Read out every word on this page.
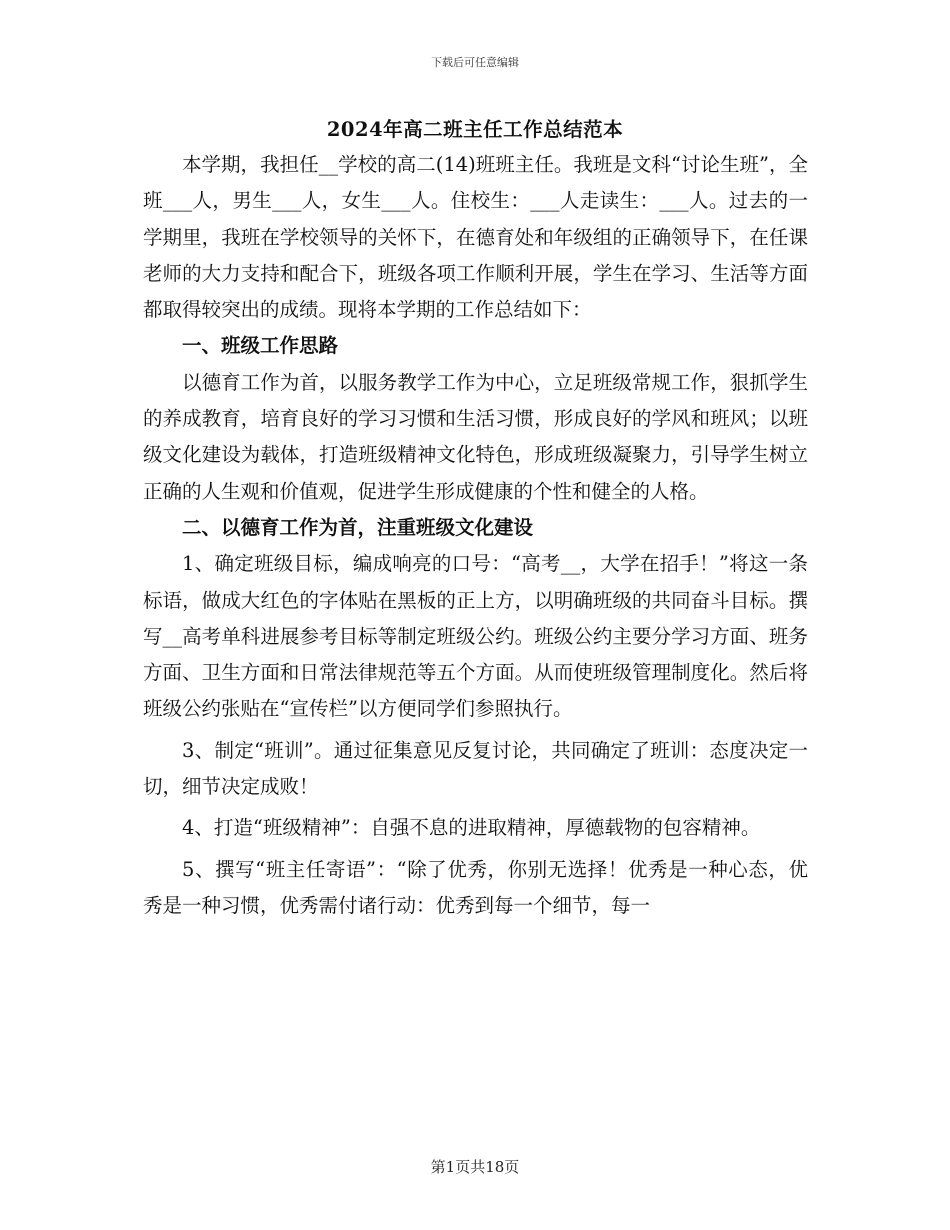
下载后可任意编辑
2024年高二班主任工作总结范本

本学期，我担任__学校的高二(14)班班主任。我班是文科“讨论生班”，全班___人，男生___人，女生___人。住校生：___人走读生：___人。过去的一学期里，我班在学校领导的关怀下，在德育处和年级组的正确领导下，在任课老师的大力支持和配合下，班级各项工作顺利开展，学生在学习、生活等方面都取得较突出的成绩。现将本学期的工作总结如下：

一、班级工作思路

以德育工作为首，以服务教学工作为中心，立足班级常规工作，狠抓学生的养成教育，培育良好的学习习惯和生活习惯，形成良好的学风和班风；以班级文化建设为载体，打造班级精神文化特色，形成班级凝聚力，引导学生树立正确的人生观和价值观，促进学生形成健康的个性和健全的人格。

二、以德育工作为首，注重班级文化建设

1、确定班级目标，编成响亮的口号：“高考__，大学在招手！”将这一条标语，做成大红色的字体贴在黑板的正上方，以明确班级的共同奋斗目标。撰写__高考单科进展参考目标等制定班级公约。班级公约主要分学习方面、班务方面、卫生方面和日常法律规范等五个方面。从而使班级管理制度化。然后将班级公约张贴在“宣传栏”以方便同学们参照执行。

3、制定“班训”。通过征集意见反复讨论，共同确定了班训：态度决定一切，细节决定成败！

4、打造“班级精神”：自强不息的进取精神，厚德载物的包容精神。

5、撰写“班主任寄语”：“除了优秀，你别无选择！优秀是一种心态，优秀是一种习惯，优秀需付诸行动：优秀到每一个细节，每一

第1页共18页
